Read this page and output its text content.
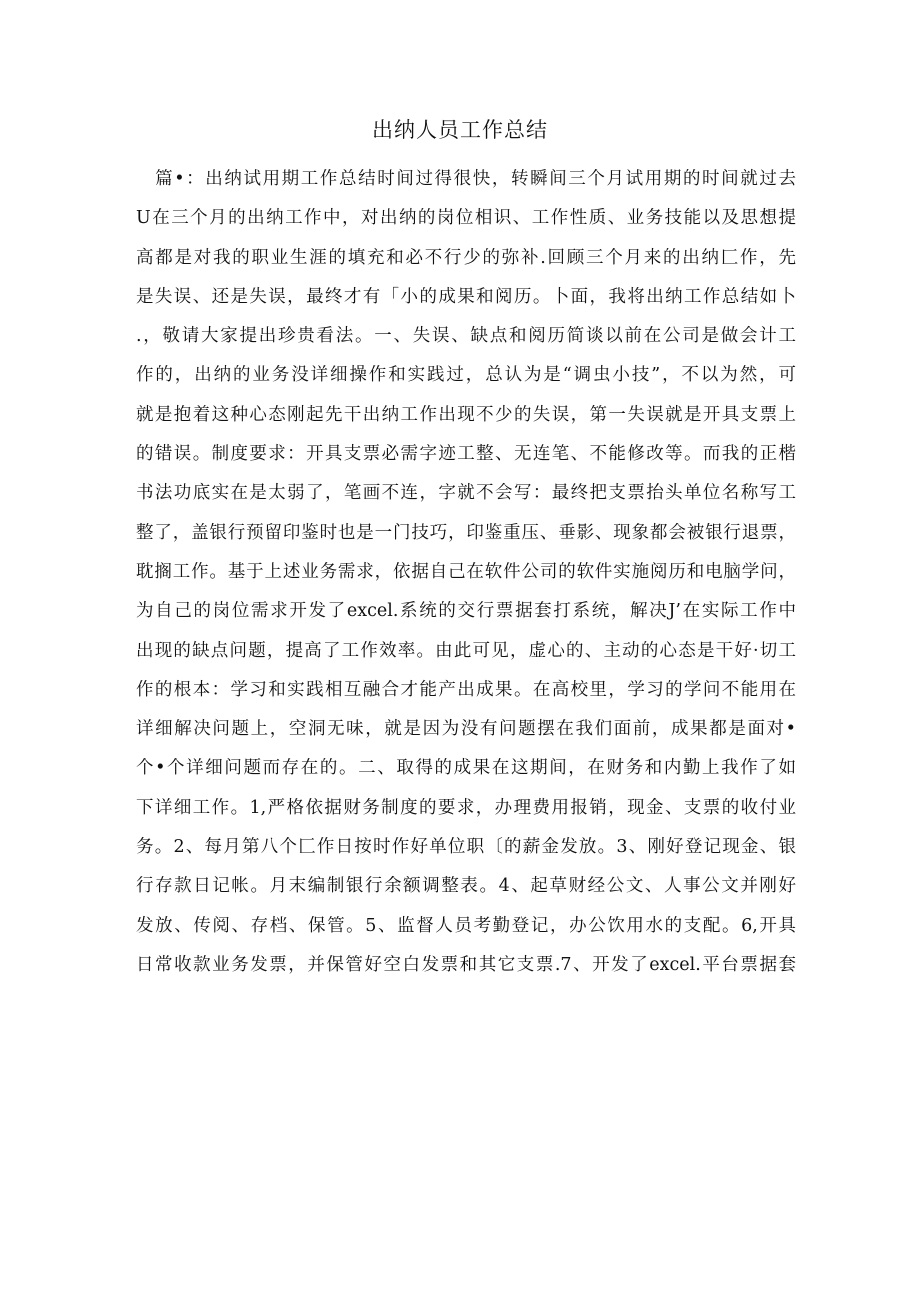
出纳人员工作总结
　篇•：出纳试用期工作总结时间过得很快，转瞬间三个月试用期的时间就过去
U在三个月的出纳工作中，对出纳的岗位相识、工作性质、业务技能以及思想提
高都是对我的职业生涯的填充和必不行少的弥补.回顾三个月来的出纳匚作，先
是失误、还是失误，最终才有「小的成果和阅历。卜面，我将出纳工作总结如卜
.，敬请大家提出珍贵看法。一、失误、缺点和阅历简谈以前在公司是做会计工
作的，出纳的业务没详细操作和实践过，总认为是“调虫小技”，不以为然，可
就是抱着这种心态刚起先干出纳工作出现不少的失误，第一失误就是开具支票上
的错误。制度要求：开具支票必需字迹工整、无连笔、不能修改等。而我的正楷
书法功底实在是太弱了，笔画不连，字就不会写：最终把支票抬头单位名称写工
整了，盖银行预留印鉴时也是一门技巧，印鉴重压、垂影、现象都会被银行退票，
耽搁工作。基于上述业务需求，依据自己在软件公司的软件实施阅历和电脑学问，
为自己的岗位需求开发了excel.系统的交行票据套打系统，解决J’在实际工作中
出现的缺点问题，提高了工作效率。由此可见，虚心的、主动的心态是干好·切工
作的根本：学习和实践相互融合才能产出成果。在高校里，学习的学问不能用在
详细解决问题上，空洞无味，就是因为没有问题摆在我们面前，成果都是面对•
个•个详细问题而存在的。二、取得的成果在这期间，在财务和内勤上我作了如
下详细工作。1,严格依据财务制度的要求，办理费用报销，现金、支票的收付业
务。2、每月第八个匚作日按时作好单位职〔的薪金发放。3、刚好登记现金、银
行存款日记帐。月末编制银行余额调整表。4、起草财经公文、人事公文并刚好
发放、传阅、存档、保管。5、监督人员考勤登记，办公饮用水的支配。6,开具
日常收款业务发票，并保管好空白发票和其它支票.7、开发了excel.平台票据套
